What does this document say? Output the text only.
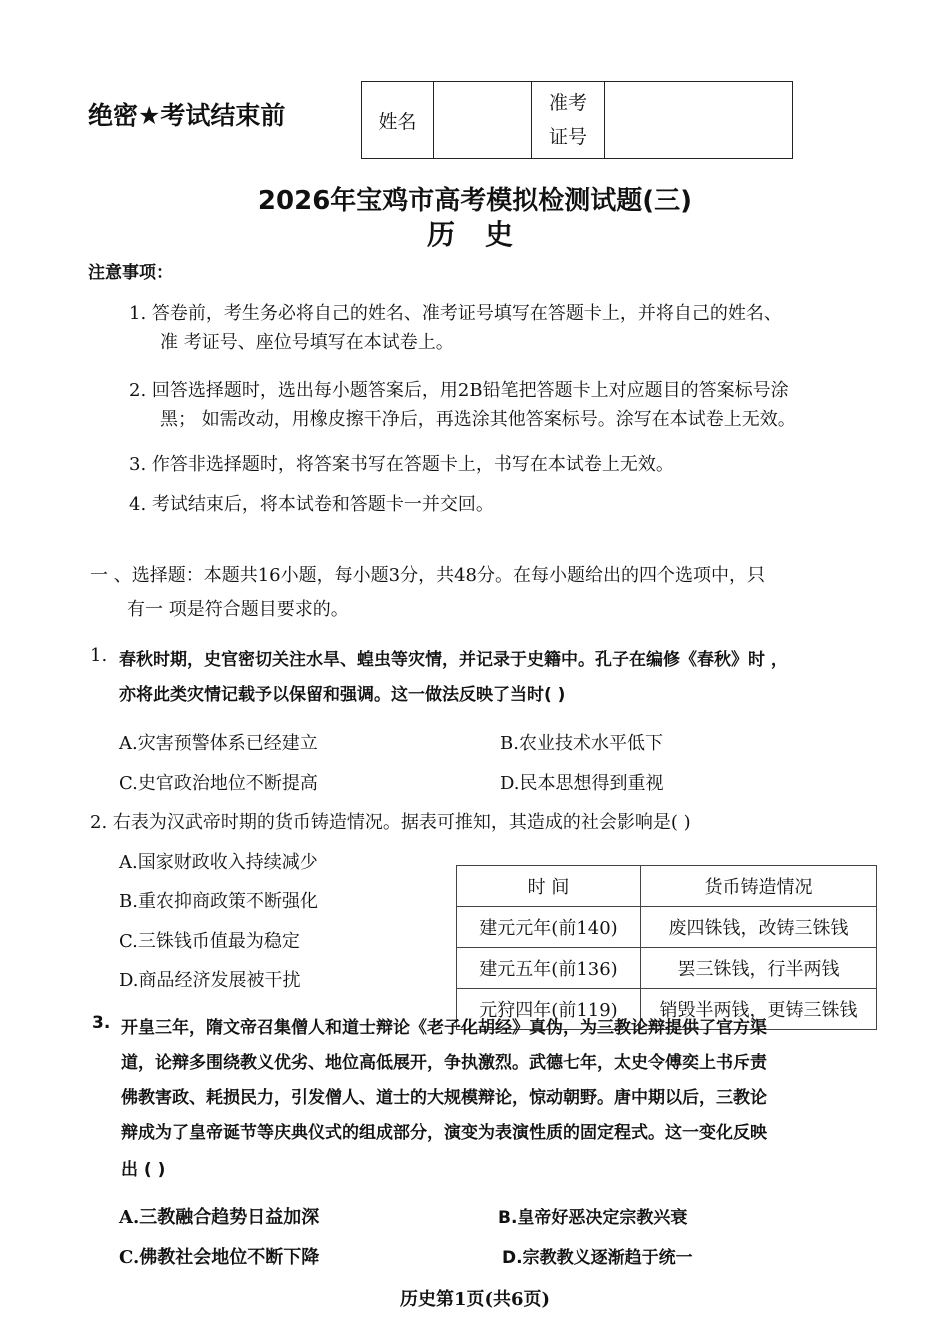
绝密★考试结束前	姓名		
准考
证号

2026年宝鸡市高考模拟检测试题(三)
历史
注意事项：
1. 答卷前，考生务必将自己的姓名、准考证号填写在答题卡上，并将自己的姓名、
准 考证号、座位号填写在本试卷上。
2. 回答选择题时，选出每小题答案后，用2B铅笔把答题卡上对应题目的答案标号涂
黑； 如需改动，用橡皮擦干净后，再选涂其他答案标号。涂写在本试卷上无效。
3. 作答非选择题时，将答案书写在答题卡上，书写在本试卷上无效。
4. 考试结束后，将本试卷和答题卡一并交回。
一 、选择题：本题共16小题，每小题3分，共48分。在每小题给出的四个选项中，只
有一 项是符合题目要求的。
1. 春秋时期，史官密切关注水旱、蝗虫等灾情，并记录于史籍中。孔子在编修《春秋》时 ，
亦将此类灾情记载予以保留和强调。这一做法反映了当时( )
A.灾害预警体系已经建立	B.农业技术水平低下
C.史官政治地位不断提高	D.民本思想得到重视
2. 右表为汉武帝时期的货币铸造情况。据表可推知，其造成的社会影响是( )
A.国家财政收入持续减少
B.重农抑商政策不断强化
C.三铢钱币值最为稳定
D.商品经济发展被干扰
时 间	货币铸造情况
建元元年(前140)	废四铢钱，改铸三铢钱
建元五年(前136)	罢三铢钱，行半两钱
元狩四年(前119)	销毁半两钱，更铸三铢钱
3. 开皇三年，隋文帝召集僧人和道士辩论《老子化胡经》真伪，为三教论辩提供了官方渠
道，论辩多围绕教义优劣、地位高低展开，争执激烈。武德七年，太史令傅奕上书斥责
佛教害政、耗损民力，引发僧人、道士的大规模辩论，惊动朝野。唐中期以后，三教论
辩成为了皇帝诞节等庆典仪式的组成部分，演变为表演性质的固定程式。这一变化反映
出 ( )
A.三教融合趋势日益加深	B.皇帝好恶决定宗教兴衰
C.佛教社会地位不断下降	D.宗教教义逐渐趋于统一
历史第1页(共6页)
